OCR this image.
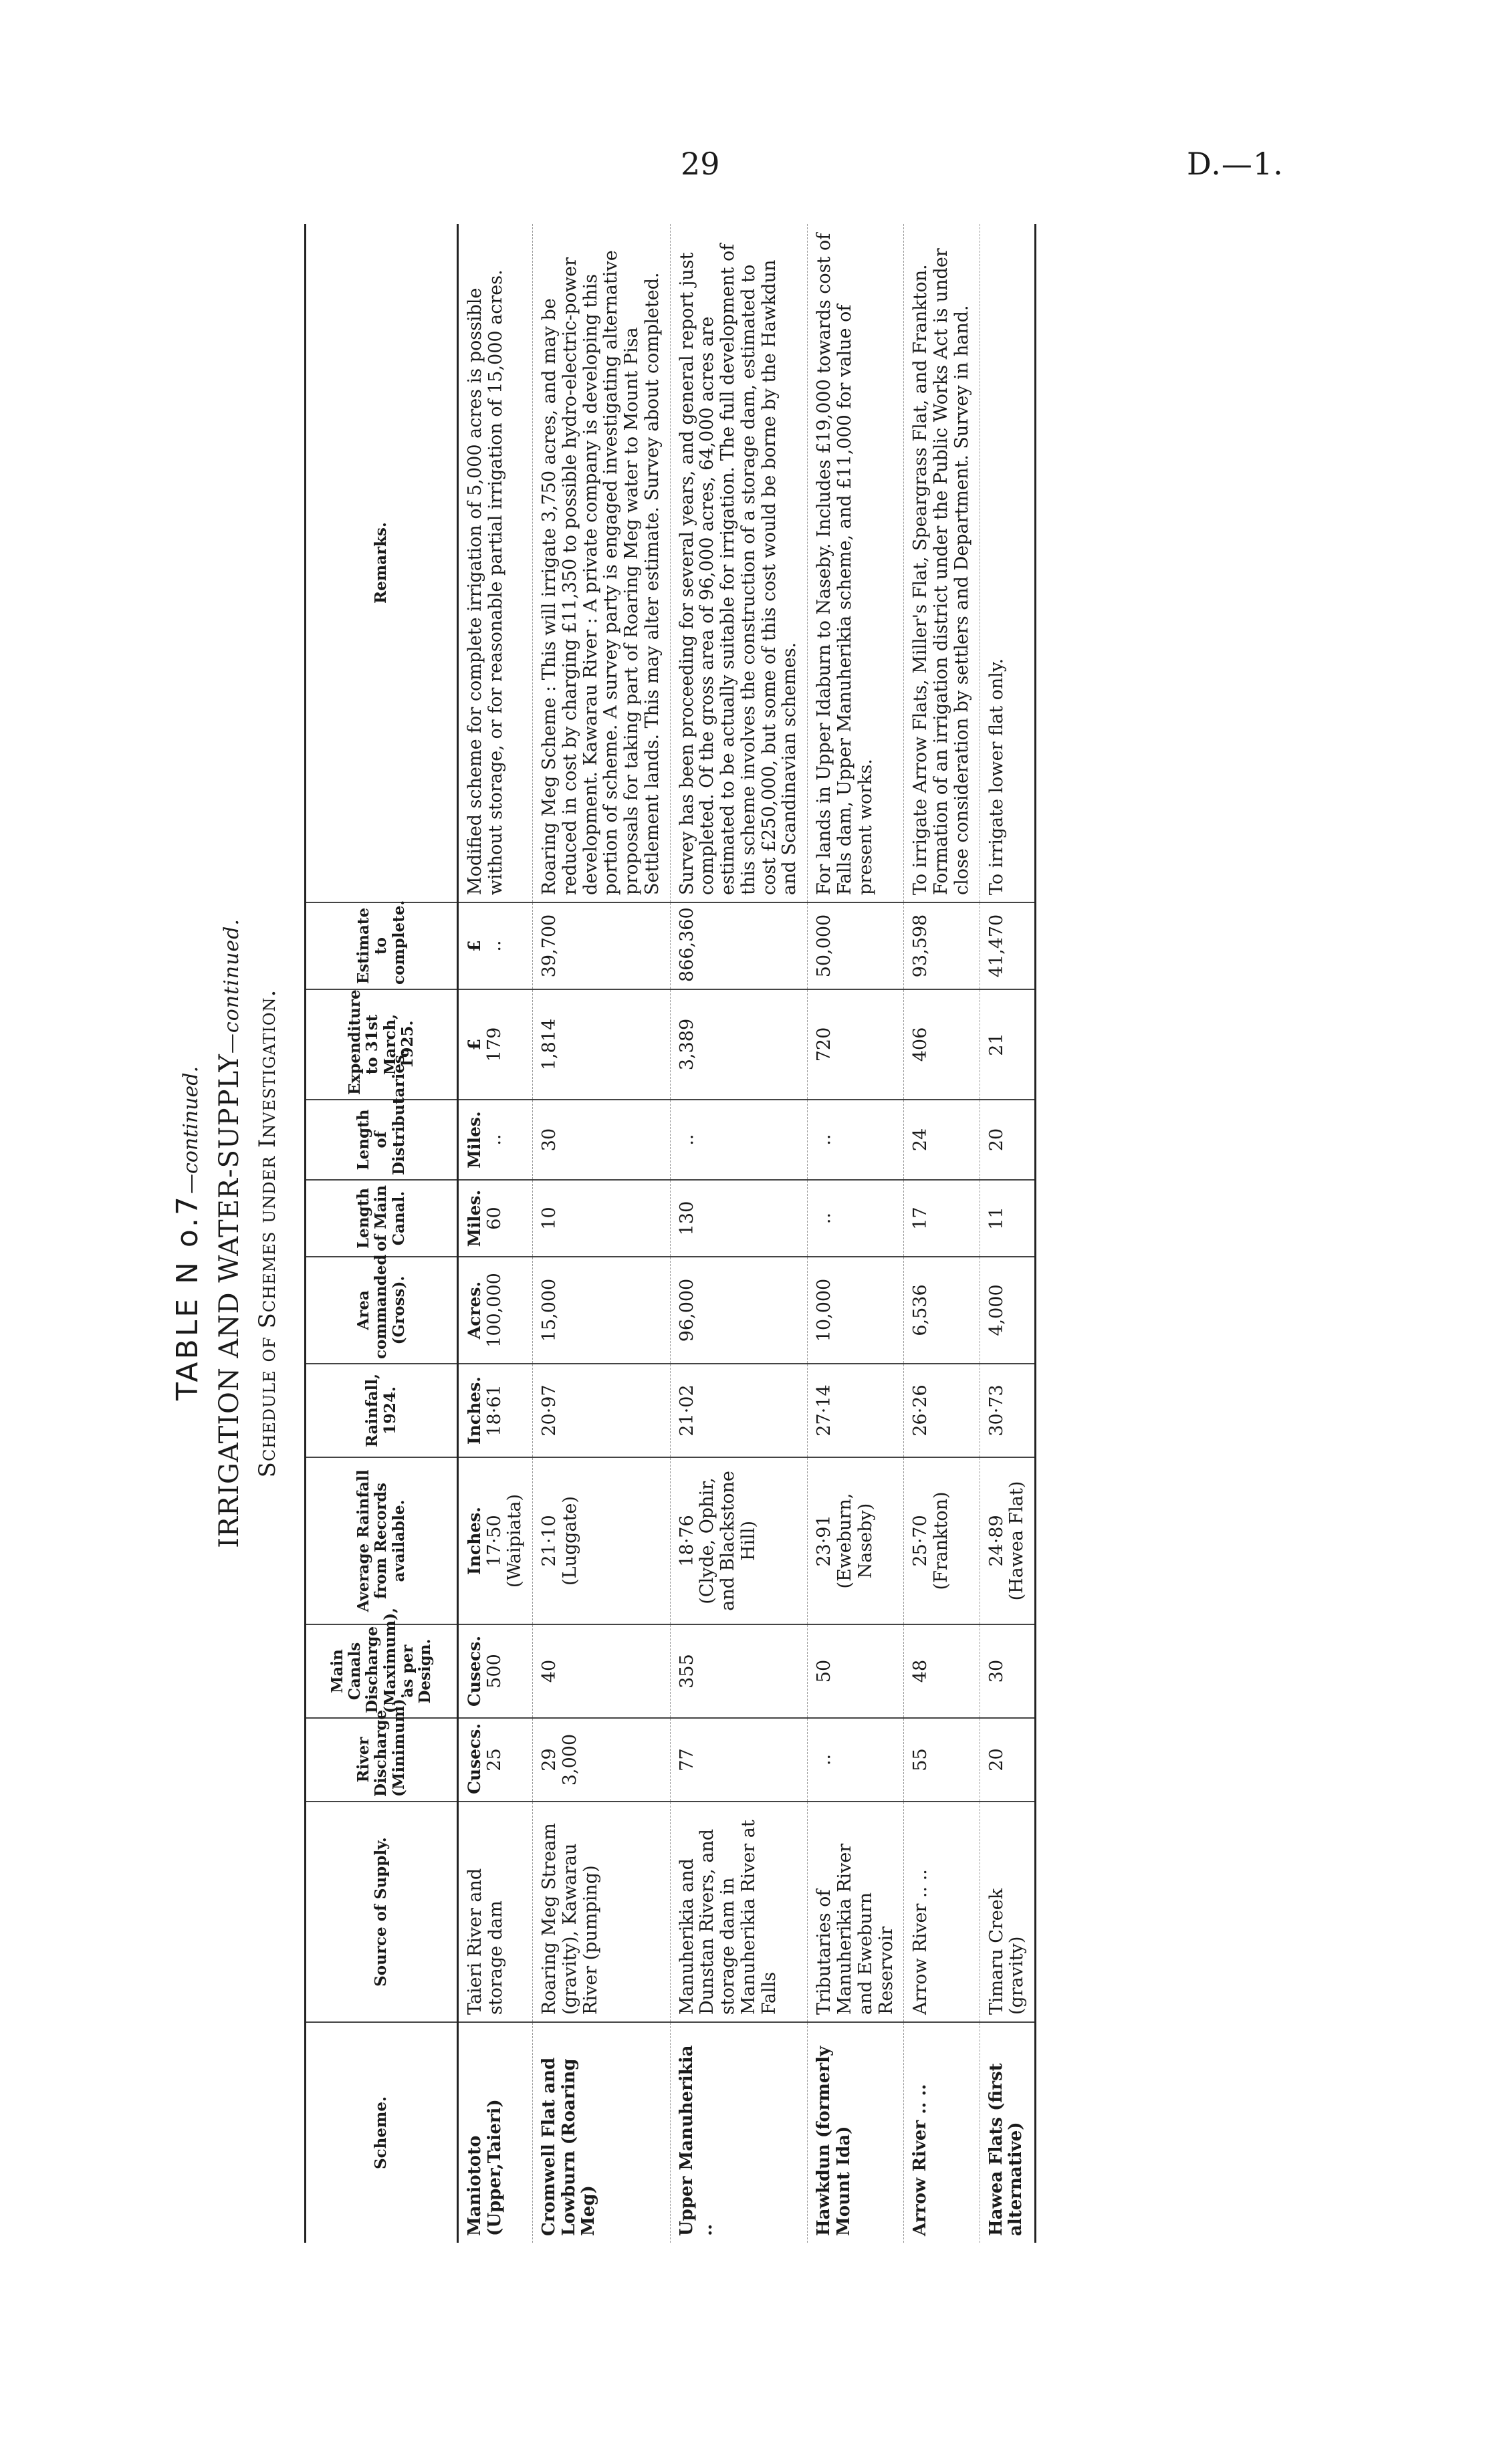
29	D.—1.
TABLE N o.7—continued. IRRIGATION AND WATER-SUPPLY—continued.
Schedule of Schemes under Investigation.
Scheme.	Source of Supply.	River Discharge (Minimum).	Main Canals Discharge (Maximum), as per Design.	Average Rainfall from Records available.	Rainfall, 1924.	Area commanded (Gross).	Length of Main Canal.	Length of Distributaries.	Expenditure to 31st March, 1925.	Estimate to complete.	Remarks.
Maniototo (Upper,Taieri)	Taieri River and storage dam	Cusecs. 25	Cusecs. 500	Inches. 17·50 (Waipiata)	Inches. 18·61	Acres. 100,000	Miles. 60	Miles. ..	£ 179	£ ..	Modified scheme for complete irrigation of 5,000 acres is possible without storage, or for reasonable partial irrigation of 15,000 acres.
Cromwell Flat and Lowburn (Roaring Meg)	Roaring Meg Stream (gravity), Kawarau River (pumping)	29 3,000	40	21·10 (Luggate)	20·97	15,000	10	30	1,814	39,700	Roaring Meg Scheme : This will irrigate 3,750 acres, and may be reduced in cost by charging £11,350 to possible hydro-electric-power development. Kawarau River : A private company is developing this portion of scheme. A survey party is engaged investigating alternative proposals for taking part of Roaring Meg water to Mount Pisa Settlement lands. This may alter estimate. Survey about completed.
Upper Manuherikia ..	Manuherikia and Dunstan Rivers, and storage dam in Manuherikia River at Falls	77	355	18·76 (Clyde, Ophir, and Blackstone Hill)	21·02	96,000	130	..	3,389	866,360	Survey has been proceeding for several years, and general report just completed. Of the gross area of 96,000 acres, 64,000 acres are estimated to be actually suitable for irrigation. The full development of this scheme involves the construction of a storage dam, estimated to cost £250,000, but some of this cost would be borne by the Hawkdun and Scandinavian schemes.
Hawkdun (formerly Mount Ida)	Tributaries of Manuherikia River and Eweburn Reservoir	..	50	23·91 (Eweburn, Naseby)	27·14	10,000	..	..	720	50,000	For lands in Upper Idaburn to Naseby. Includes £19,000 towards cost of Falls dam, Upper Manuherikia scheme, and £11,000 for value of present works.
Arrow River .. ..	Arrow River .. ..	55	48	25·70 (Frankton)	26·26	6,536	17	24	406	93,598	To irrigate Arrow Flats, Miller's Flat, Speargrass Flat, and Frankton. Formation of an irrigation district under the Public Works Act is under close consideration by settlers and Department. Survey in hand.
Hawea Flats (first alternative)	Timaru Creek (gravity)	20	30	24·89 (Hawea Flat)	30·73	4,000	11	20	21	41,470	To irrigate lower flat only.
